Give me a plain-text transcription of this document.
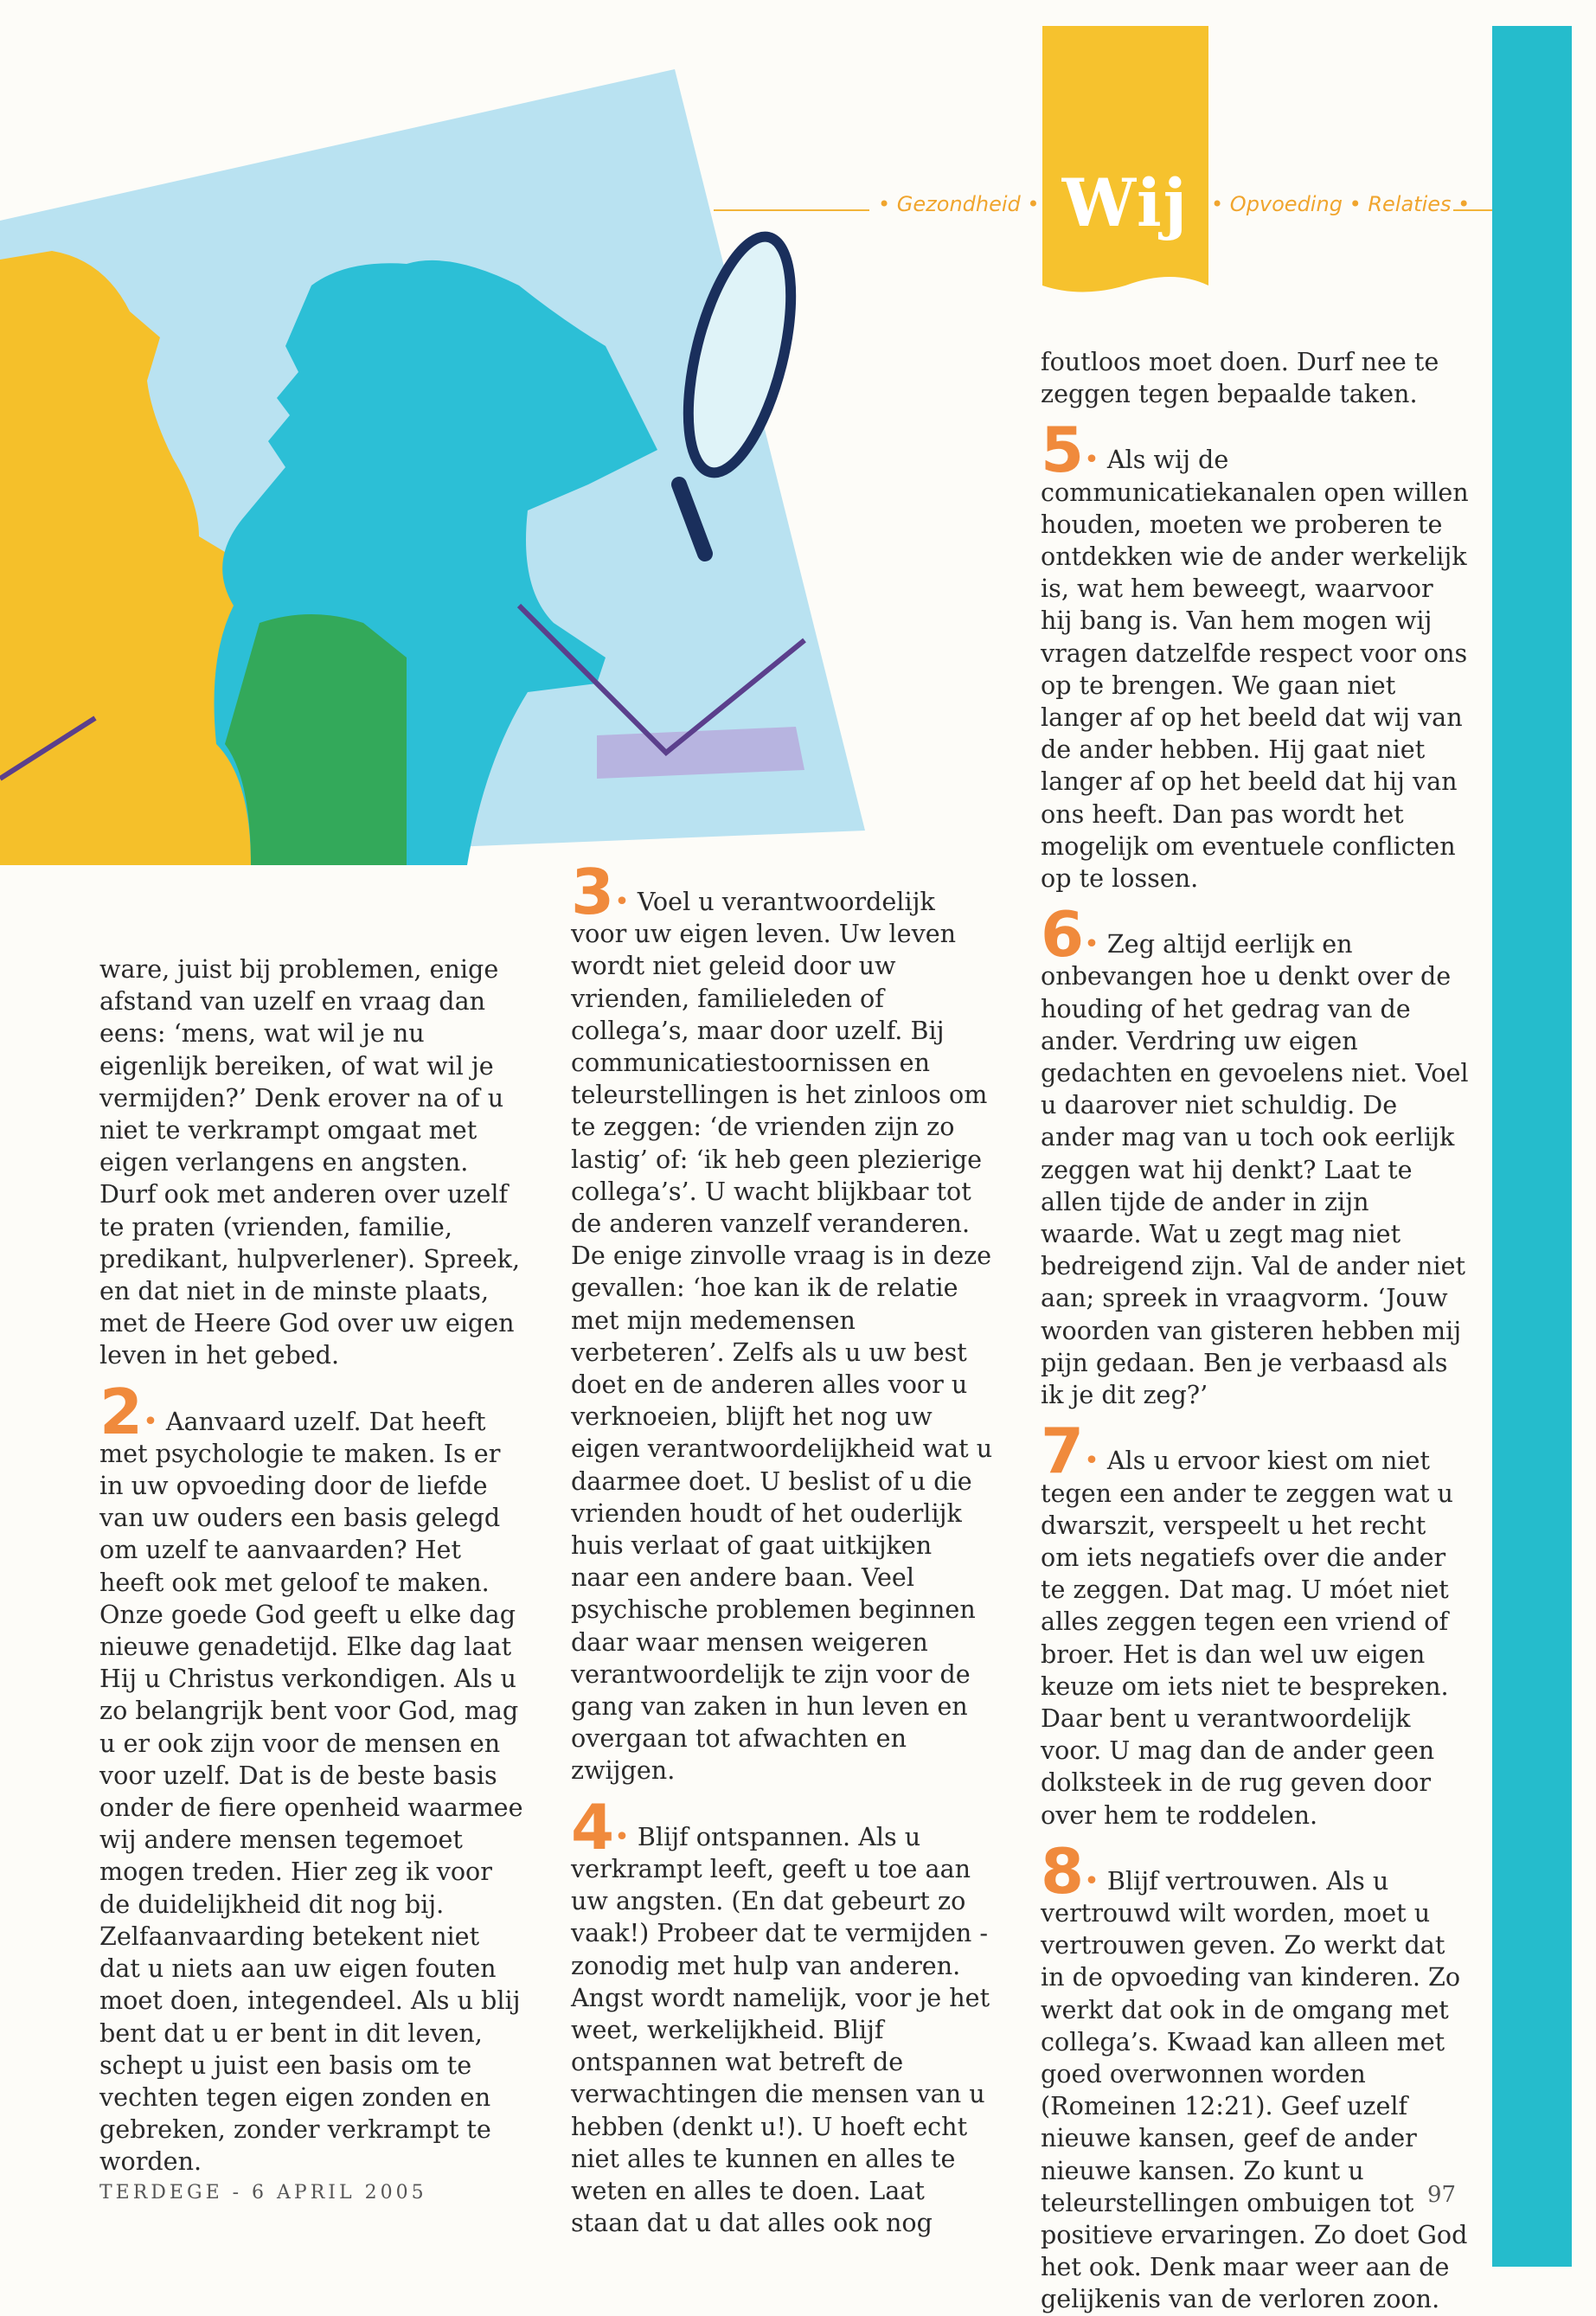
• Gezondheid • Wij	• Opvoeding • Relaties •

ware, juist bij problemen, enige afstand van uzelf en vraag dan eens: ‘mens, wat wil je nu eigenlijk bereiken, of wat wil je vermijden?’ Denk erover na of u niet te verkrampt omgaat met eigen verlangens en angsten. Durf ook met anderen over uzelf te praten (vrienden, familie, predikant, hulpverlener). Spreek, en dat niet in de minste plaats, met de Heere God over uw eigen leven in het gebed.

2• Aanvaard uzelf. Dat heeft met psychologie te maken. Is er in uw opvoeding door de liefde van uw ouders een basis gelegd om uzelf te aanvaarden? Het heeft ook met geloof te maken. Onze goede God geeft u elke dag nieuwe genadetijd. Elke dag laat Hij u Christus verkondigen. Als u zo belangrijk bent voor God, mag u er ook zijn voor de mensen en voor uzelf. Dat is de beste basis onder de fiere openheid waarmee wij andere mensen tegemoet mogen treden. Hier zeg ik voor de duidelijkheid dit nog bij. Zelfaanvaarding betekent niet dat u niets aan uw eigen fouten moet doen, integendeel. Als u blij bent dat u er bent in dit leven, schept u juist een basis om te vechten tegen eigen zonden en gebreken, zonder verkrampt te worden.

3• Voel u verantwoordelijk voor uw eigen leven. Uw leven wordt niet geleid door uw vrienden, familieleden of collega’s, maar door uzelf. Bij communicatiestoornissen en teleurstellingen is het zinloos om te zeggen: ‘de vrienden zijn zo lastig’ of: ‘ik heb geen plezierige collega’s’. U wacht blijkbaar tot de anderen vanzelf veranderen. De enige zinvolle vraag is in deze gevallen: ‘hoe kan ik de relatie met mijn medemensen verbeteren’. Zelfs als u uw best doet en de anderen alles voor u verknoeien, blijft het nog uw eigen verantwoordelijkheid wat u daarmee doet. U beslist of u die vrienden houdt of het ouderlijk huis verlaat of gaat uitkijken naar een andere baan. Veel psychische problemen beginnen daar waar mensen weigeren verantwoordelijk te zijn voor de gang van zaken in hun leven en overgaan tot afwachten en zwijgen.

4• Blijf ontspannen. Als u verkrampt leeft, geeft u toe aan uw angsten. (En dat gebeurt zo vaak!) Probeer dat te vermijden - zonodig met hulp van anderen. Angst wordt namelijk, voor je het weet, werkelijkheid. Blijf ontspannen wat betreft de verwachtingen die mensen van u hebben (denkt u!). U hoeft echt niet alles te kunnen en alles te weten en alles te doen. Laat staan dat u dat alles ook nog

foutloos moet doen. Durf nee te zeggen tegen bepaalde taken.

5• Als wij de communicatiekanalen open willen houden, moeten we proberen te ontdekken wie de ander werkelijk is, wat hem beweegt, waarvoor hij bang is. Van hem mogen wij vragen datzelfde respect voor ons op te brengen. We gaan niet langer af op het beeld dat wij van de ander hebben. Hij gaat niet langer af op het beeld dat hij van ons heeft. Dan pas wordt het mogelijk om eventuele conflicten op te lossen.

6• Zeg altijd eerlijk en onbevangen hoe u denkt over de houding of het gedrag van de ander. Verdring uw eigen gedachten en gevoelens niet. Voel u daarover niet schuldig. De ander mag van u toch ook eerlijk zeggen wat hij denkt? Laat te allen tijde de ander in zijn waarde. Wat u zegt mag niet bedreigend zijn. Val de ander niet aan; spreek in vraagvorm. ‘Jouw woorden van gisteren hebben mij pijn gedaan. Ben je verbaasd als ik je dit zeg?’

7• Als u ervoor kiest om niet tegen een ander te zeggen wat u dwarszit, verspeelt u het recht om iets negatiefs over die ander te zeggen. Dat mag. U móet niet alles zeggen tegen een vriend of broer. Het is dan wel uw eigen keuze om iets niet te bespreken. Daar bent u verantwoordelijk voor. U mag dan de ander geen dolksteek in de rug geven door over hem te roddelen.

8• Blijf vertrouwen. Als u vertrouwd wilt worden, moet u vertrouwen geven. Zo werkt dat in de opvoeding van kinderen. Zo werkt dat ook in de omgang met collega’s. Kwaad kan alleen met goed overwonnen worden (Romeinen 12:21). Geef uzelf nieuwe kansen, geef de ander nieuwe kansen. Zo kunt u teleurstellingen ombuigen tot positieve ervaringen. Zo doet God het ook. Denk maar weer aan de gelijkenis van de verloren zoon.

TERDEGE - 6 APRIL 2005	97
